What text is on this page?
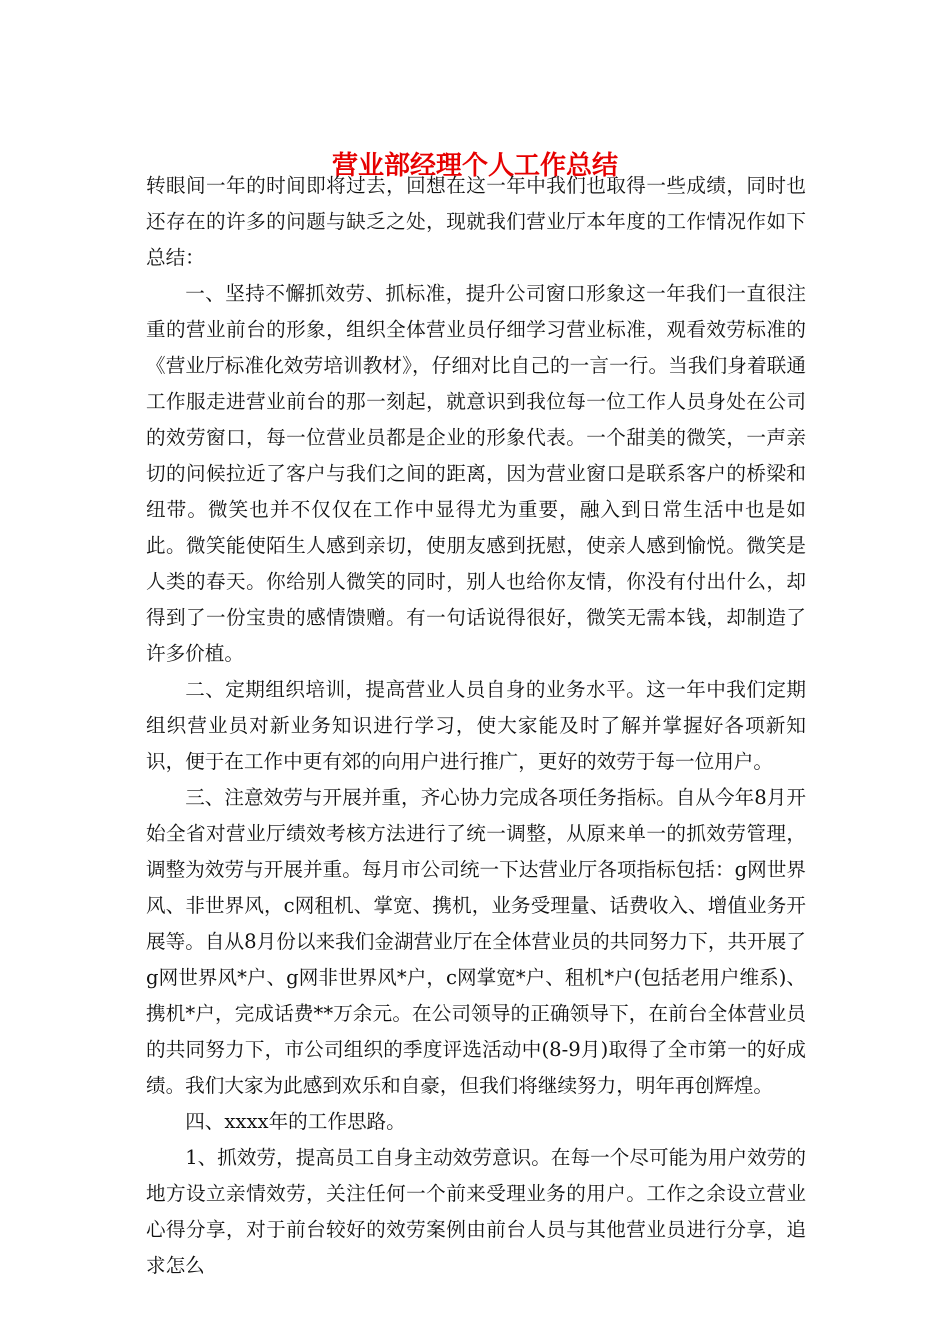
营业部经理个人工作总结

转眼间一年的时间即将过去，回想在这一年中我们也取得一些成绩，同时也还存在的许多的问题与缺乏之处，现就我们营业厅本年度的工作情况作如下总结：

一、坚持不懈抓效劳、抓标准，提升公司窗口形象这一年我们一直很注重的营业前台的形象，组织全体营业员仔细学习营业标准，观看效劳标准的《营业厅标准化效劳培训教材》，仔细对比自己的一言一行。当我们身着联通工作服走进营业前台的那一刻起，就意识到我位每一位工作人员身处在公司的效劳窗口，每一位营业员都是企业的形象代表。一个甜美的微笑，一声亲切的问候拉近了客户与我们之间的距离，因为营业窗口是联系客户的桥梁和纽带。微笑也并不仅仅在工作中显得尤为重要，融入到日常生活中也是如此。微笑能使陌生人感到亲切，使朋友感到抚慰，使亲人感到愉悦。微笑是人类的春天。你给别人微笑的同时，别人也给你友情，你没有付出什么，却得到了一份宝贵的感情馈赠。有一句话说得很好，微笑无需本钱，却制造了许多价植。

二、定期组织培训，提高营业人员自身的业务水平。这一年中我们定期组织营业员对新业务知识进行学习，使大家能及时了解并掌握好各项新知识，便于在工作中更有郊的向用户进行推广，更好的效劳于每一位用户。

三、注意效劳与开展并重，齐心协力完成各项任务指标。自从今年8月开始全省对营业厅绩效考核方法进行了统一调整，从原来单一的抓效劳管理，调整为效劳与开展并重。每月市公司统一下达营业厅各项指标包括：g网世界风、非世界风，c网租机、掌宽、携机，业务受理量、话费收入、增值业务开展等。自从8月份以来我们金湖营业厅在全体营业员的共同努力下，共开展了g网世界风*户、g网非世界风*户，c网掌宽*户、租机*户(包括老用户维系)、携机*户，完成话费**万余元。在公司领导的正确领导下，在前台全体营业员的共同努力下，市公司组织的季度评选活动中(8-9月)取得了全市第一的好成绩。我们大家为此感到欢乐和自豪，但我们将继续努力，明年再创辉煌。

四、xxxx年的工作思路。

1、抓效劳，提高员工自身主动效劳意识。在每一个尽可能为用户效劳的地方设立亲情效劳，关注任何一个前来受理业务的用户。工作之余设立营业心得分享，对于前台较好的效劳案例由前台人员与其他营业员进行分享，追求怎么
